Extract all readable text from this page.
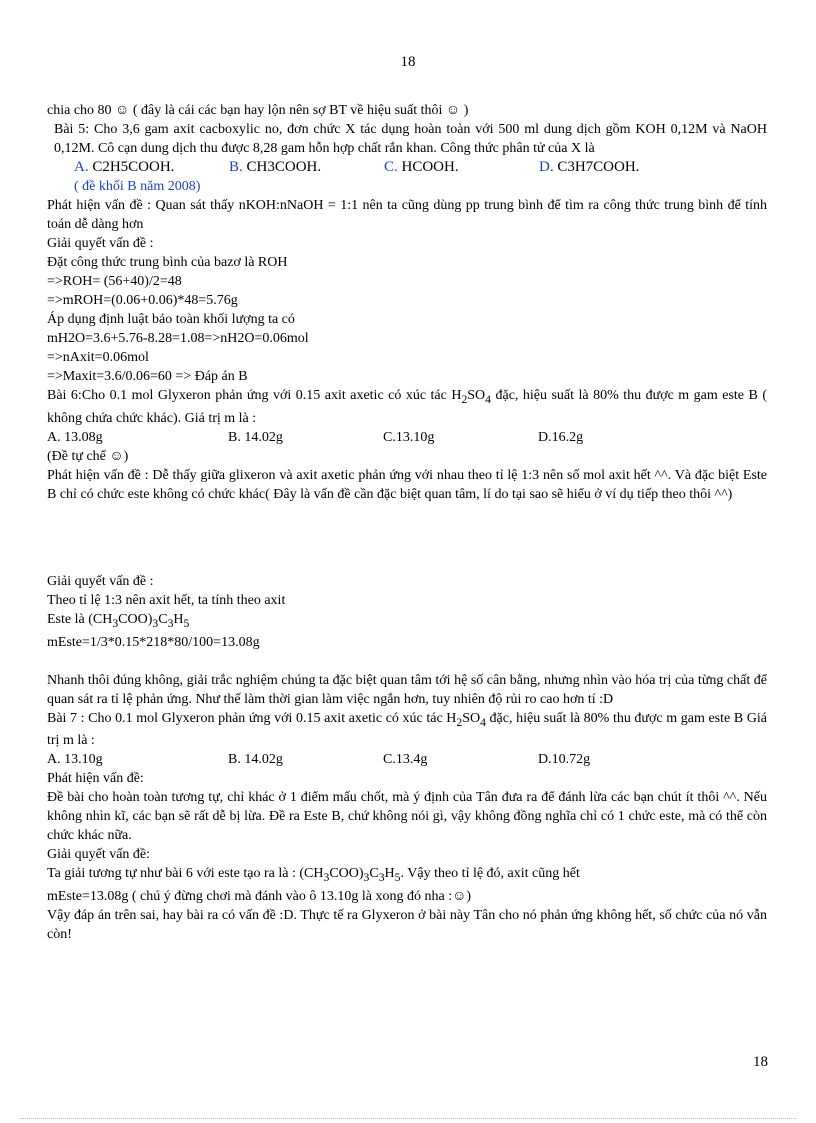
18
chia cho 80 ☺ ( đây là cái các bạn hay lộn nên sợ BT về hiệu suất thôi ☺ )
Bài 5: Cho 3,6 gam axit cacboxylic no, đơn chức X tác dụng hoàn toàn với 500 ml dung dịch gồm KOH 0,12M và NaOH 0,12M. Cô cạn dung dịch thu được 8,28 gam hỗn hợp chất rắn khan. Công thức phân tử của X là
A. C2H5COOH.	B. CH3COOH.	C. HCOOH.	D. C3H7COOH.
( đề khối B năm 2008)
Phát hiện vấn đề : Quan sát thấy nKOH:nNaOH = 1:1 nên ta cũng dùng pp trung bình để tìm ra công thức trung bình để tính toán dễ dàng hơn
Giải quyết vấn đề :
Đặt công thức trung bình của bazơ là ROH
=>ROH= (56+40)/2=48
=>mROH=(0.06+0.06)*48=5.76g
Áp dụng định luật bảo toàn khối lượng ta có
mH2O=3.6+5.76-8.28=1.08=>nH2O=0.06mol
=>nAxit=0.06mol
=>Maxit=3.6/0.06=60 => Đáp án B
Bài 6:Cho 0.1 mol Glyxeron phản ứng với 0.15 axit axetic có xúc tác $H_2SO_4$ đặc, hiệu suất là 80% thu được m gam este B ( không chứa chức khác). Giá trị m là :
A. 13.08g	B. 14.02g	C.13.10g	D.16.2g
(Đề tự chế ☺)
Phát hiện vấn đề : Dễ thấy giữa glixeron và axit axetic phản ứng với nhau theo tỉ lệ 1:3 nên số mol axit hết ^^. Và đặc biệt Este B chỉ có chức este không có chức khác( Đây là vấn đề cần đặc biệt quan tâm, lí do tại sao sẽ hiểu ở ví dụ tiếp theo thôi ^^)
Giải quyết vấn đề :
Theo tỉ lệ 1:3 nên axit hết, ta tính theo axit
Este là $(CH_3COO)_3C_3H_5$
mEste=1/3*0.15*218*80/100=13.08g
Nhanh thôi đúng không, giải trắc nghiệm chúng ta đặc biệt quan tâm tới hệ số cân bằng, nhưng nhìn vào hóa trị của từng chất để quan sát ra tỉ lệ phản ứng. Như thế làm thời gian làm việc ngắn hơn, tuy nhiên độ rủi ro cao hơn tí :D
Bài 7 : Cho 0.1 mol Glyxeron phản ứng với 0.15 axit axetic có xúc tác $H_2SO_4$ đặc, hiệu suất là 80% thu được m gam este B Giá trị m là :
A. 13.10g	B. 14.02g	C.13.4g	D.10.72g
Phát hiện vấn đề:
Đề bài cho hoàn toàn tương tự, chỉ khác ở 1 điểm mấu chốt, mà ý định của Tân đưa ra để đánh lừa các bạn chút ít thôi ^^. Nếu không nhìn kĩ, các bạn sẽ rất dễ bị lừa. Đề ra Este B, chứ không nói gì, vậy không đồng nghĩa chỉ có 1 chức este, mà có thể còn chức khác nữa.
Giải quyết vấn đề:
Ta giải tương tự như bài 6 với este tạo ra là : $(CH_3COO)_3C_3H_5$. Vậy theo tỉ lệ đó, axit cũng hết
mEste=13.08g ( chú ý đừng chơi mà đánh vào ô 13.10g là xong đó nha :☺)
Vậy đáp án trên sai, hay bài ra có vấn đề :D. Thực tế ra Glyxeron ở bài này Tân cho nó phản ứng không hết, số chức của nó vẫn còn!
18
